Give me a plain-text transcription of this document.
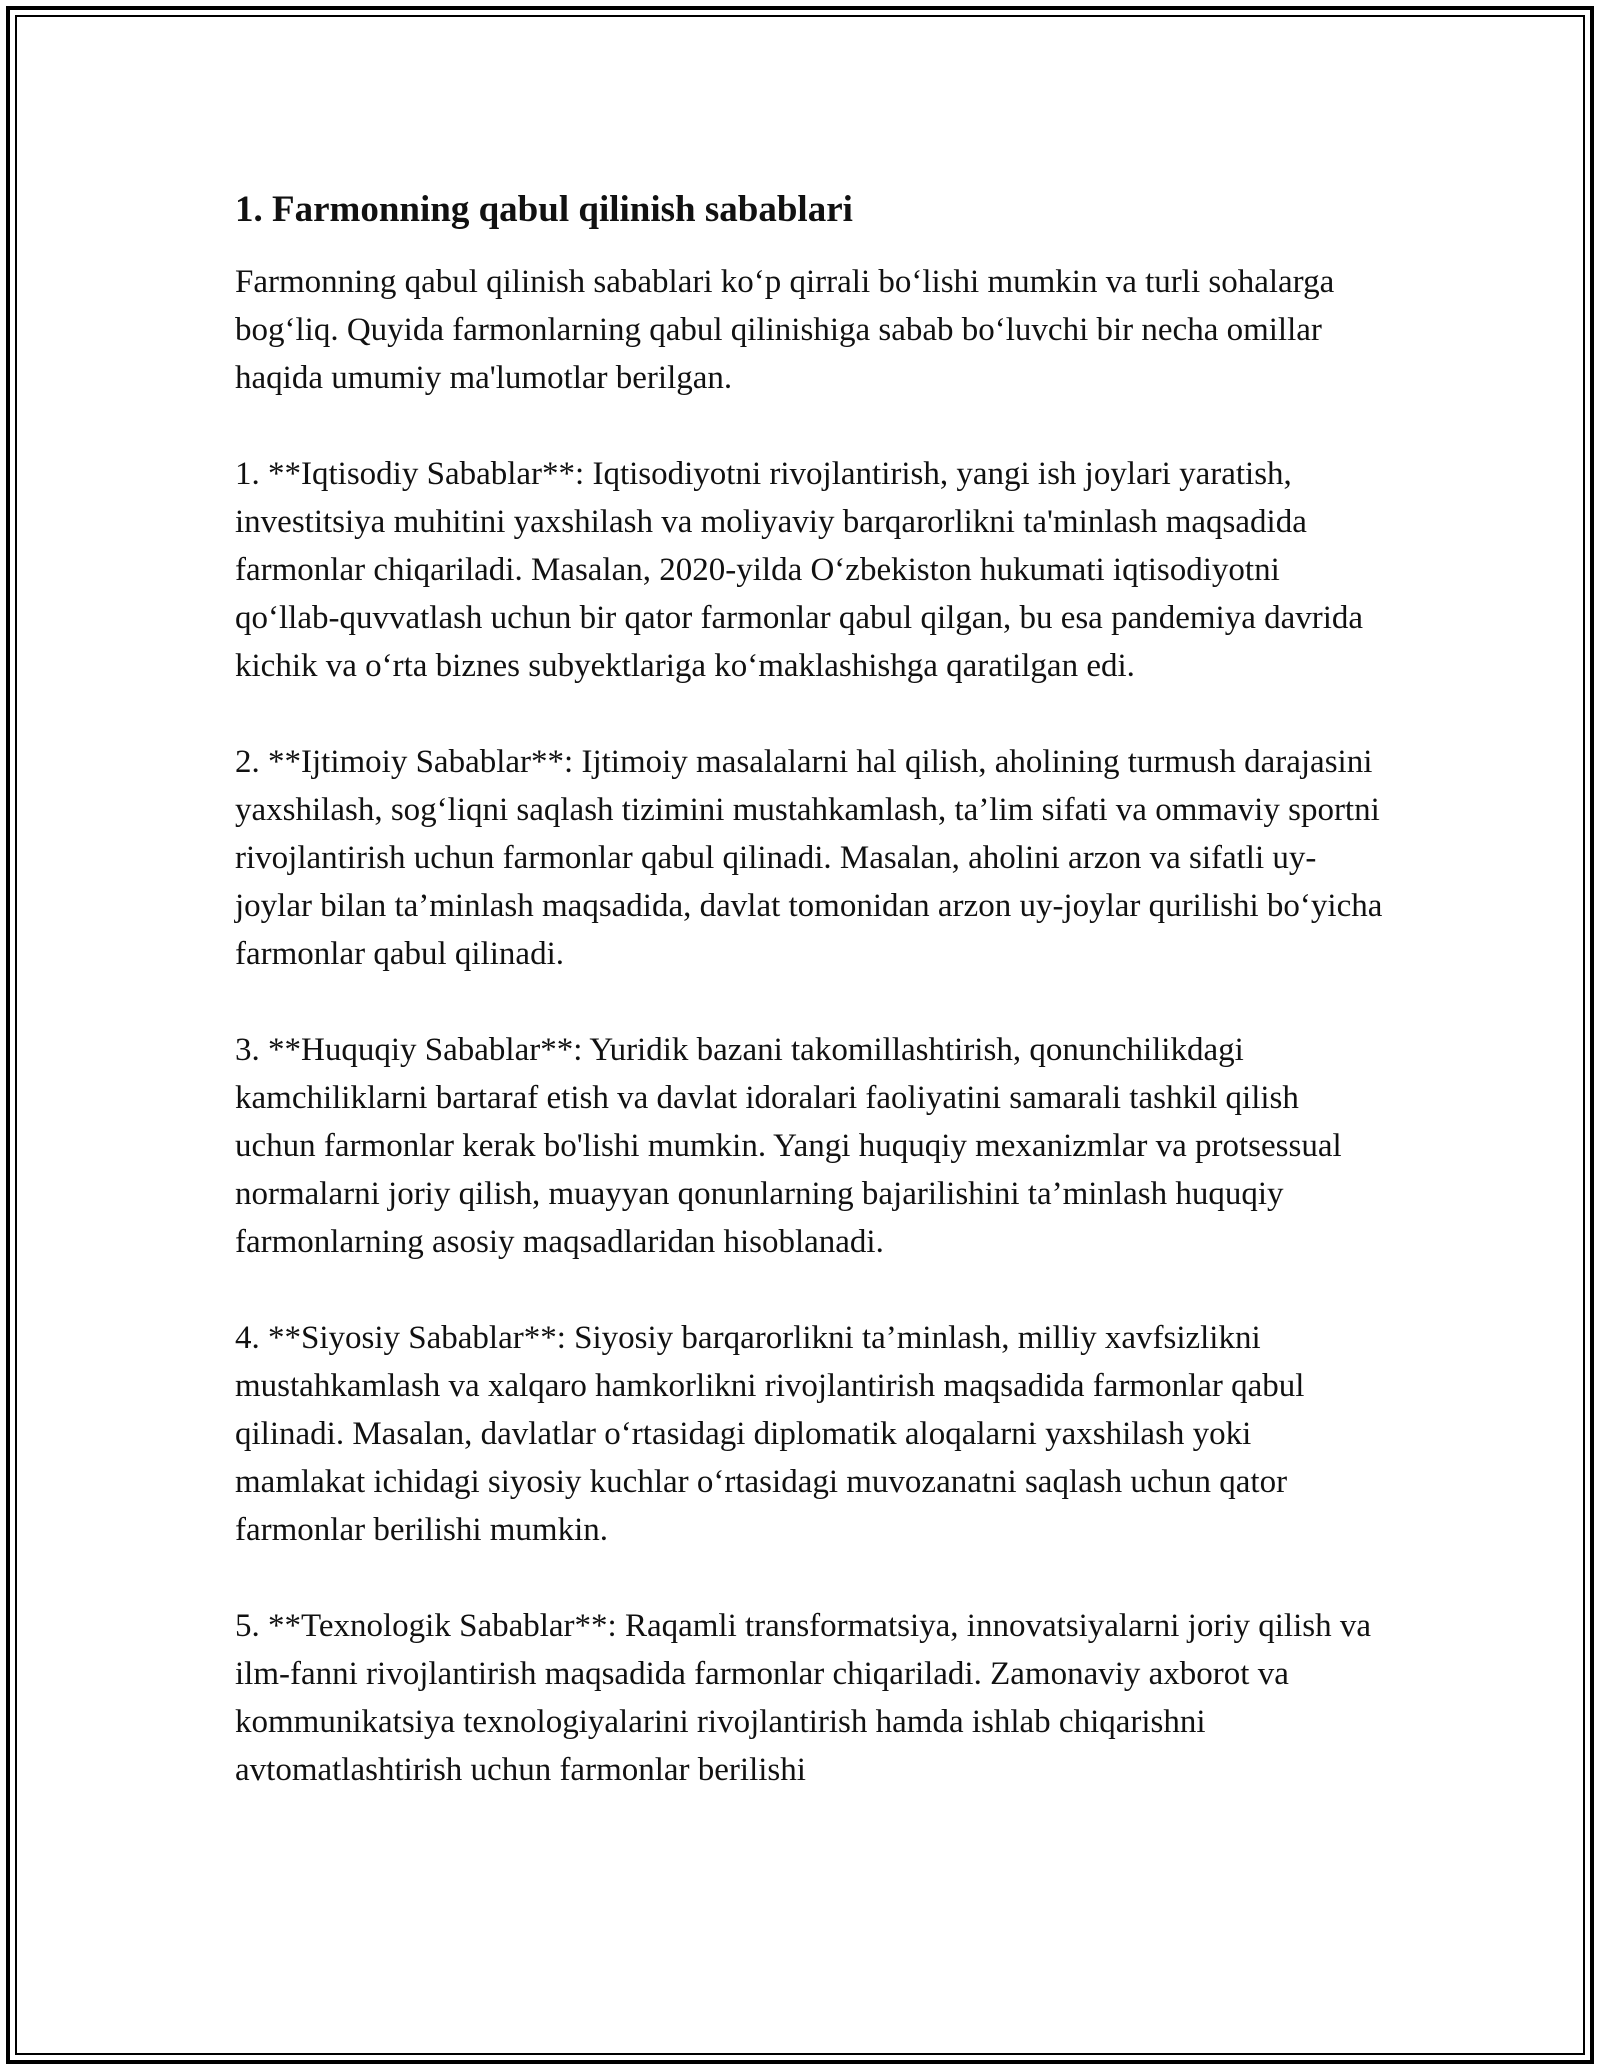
1. Farmonning qabul qilinish sabablari

Farmonning qabul qilinish sabablari ko‘p qirrali bo‘lishi mumkin va turli sohalarga bog‘liq. Quyida farmonlarning qabul qilinishiga sabab bo‘luvchi bir necha omillar haqida umumiy ma'lumotlar berilgan.

1. **Iqtisodiy Sabablar**: Iqtisodiyotni rivojlantirish, yangi ish joylari yaratish, investitsiya muhitini yaxshilash va moliyaviy barqarorlikni ta'minlash maqsadida farmonlar chiqariladi. Masalan, 2020-yilda O‘zbekiston hukumati iqtisodiyotni qo‘llab-quvvatlash uchun bir qator farmonlar qabul qilgan, bu esa pandemiya davrida kichik va o‘rta biznes subyektlariga ko‘maklashishga qaratilgan edi.

2. **Ijtimoiy Sabablar**: Ijtimoiy masalalarni hal qilish, aholining turmush darajasini yaxshilash, sog‘liqni saqlash tizimini mustahkamlash, ta’lim sifati va ommaviy sportni rivojlantirish uchun farmonlar qabul qilinadi. Masalan, aholini arzon va sifatli uy-joylar bilan ta’minlash maqsadida, davlat tomonidan arzon uy-joylar qurilishi bo‘yicha farmonlar qabul qilinadi.

3. **Huquqiy Sabablar**: Yuridik bazani takomillashtirish, qonunchilikdagi kamchiliklarni bartaraf etish va davlat idoralari faoliyatini samarali tashkil qilish uchun farmonlar kerak bo'lishi mumkin. Yangi huquqiy mexanizmlar va protsessual normalarni joriy qilish, muayyan qonunlarning bajarilishini ta’minlash huquqiy farmonlarning asosiy maqsadlaridan hisoblanadi.

4. **Siyosiy Sabablar**: Siyosiy barqarorlikni ta’minlash, milliy xavfsizlikni mustahkamlash va xalqaro hamkorlikni rivojlantirish maqsadida farmonlar qabul qilinadi. Masalan, davlatlar o‘rtasidagi diplomatik aloqalarni yaxshilash yoki mamlakat ichidagi siyosiy kuchlar o‘rtasidagi muvozanatni saqlash uchun qator farmonlar berilishi mumkin.

5. **Texnologik Sabablar**: Raqamli transformatsiya, innovatsiyalarni joriy qilish va ilm-fanni rivojlantirish maqsadida farmonlar chiqariladi. Zamonaviy axborot va kommunikatsiya texnologiyalarini rivojlantirish hamda ishlab chiqarishni avtomatlashtirish uchun farmonlar berilishi
